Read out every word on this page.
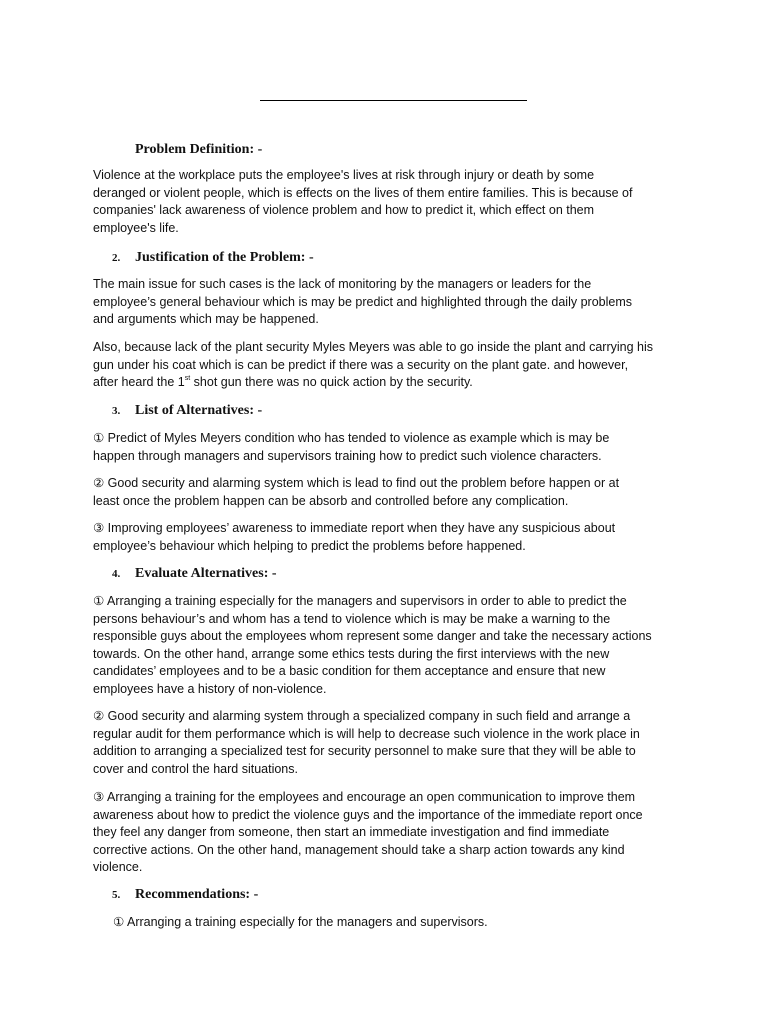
Problem Definition: -
Violence at the workplace puts the employee's lives at risk through injury or death by some
deranged or violent people, which is effects on the lives of them entire families. This is because of
companies' lack awareness of violence problem and how to predict it, which effect on them
employee's life.
2. Justification of the Problem: -
The main issue for such cases is the lack of monitoring by the managers or leaders for the
employee’s general behaviour which is may be predict and highlighted through the daily problems
and arguments which may be happened.
Also, because lack of the plant security Myles Meyers was able to go inside the plant and carrying his
gun under his coat which is can be predict if there was a security on the plant gate. and however,
after heard the 1st shot gun there was no quick action by the security.
3. List of Alternatives: -
① Predict of Myles Meyers condition who has tended to violence as example which is may be
happen through managers and supervisors training how to predict such violence characters.
② Good security and alarming system which is lead to find out the problem before happen or at
least once the problem happen can be absorb and controlled before any complication.
③ Improving employees’ awareness to immediate report when they have any suspicious about
employee’s behaviour which helping to predict the problems before happened.
4. Evaluate Alternatives: -
① Arranging a training especially for the managers and supervisors in order to able to predict the
persons behaviour’s and whom has a tend to violence which is may be make a warning to the
responsible guys about the employees whom represent some danger and take the necessary actions
towards. On the other hand, arrange some ethics tests during the first interviews with the new
candidates’ employees and to be a basic condition for them acceptance and ensure that new
employees have a history of non-violence.
② Good security and alarming system through a specialized company in such field and arrange a
regular audit for them performance which is will help to decrease such violence in the work place in
addition to arranging a specialized test for security personnel to make sure that they will be able to
cover and control the hard situations.
③ Arranging a training for the employees and encourage an open communication to improve them
awareness about how to predict the violence guys and the importance of the immediate report once
they feel any danger from someone, then start an immediate investigation and find immediate
corrective actions. On the other hand, management should take a sharp action towards any kind
violence.
5. Recommendations: -
① Arranging a training especially for the managers and supervisors.
